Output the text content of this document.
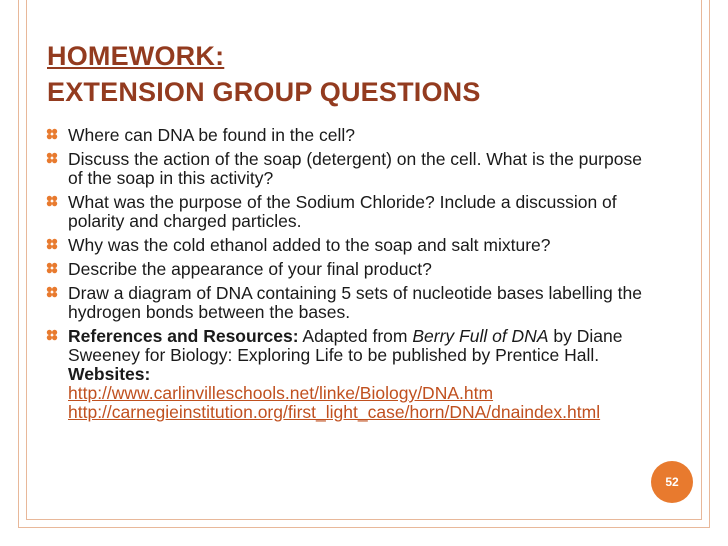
HOMEWORK:
EXTENSION GROUP QUESTIONS
Where can DNA be found in the cell?
Discuss the action of the soap (detergent) on the cell. What is the purpose of the soap in this activity?
What was the purpose of the Sodium Chloride? Include a discussion of polarity and charged particles.
Why was the cold ethanol added to the soap and salt mixture?
Describe the appearance of your final product?
Draw a diagram of DNA containing 5 sets of nucleotide bases labelling the hydrogen bonds between the bases.
References and Resources: Adapted from Berry Full of DNA by Diane Sweeney for Biology: Exploring Life to be published by Prentice Hall. Websites:
http://www.carlinvilleschools.net/linke/Biology/DNA.htm
http://carnegieinstitution.org/first_light_case/horn/DNA/dnaindex.html
52
